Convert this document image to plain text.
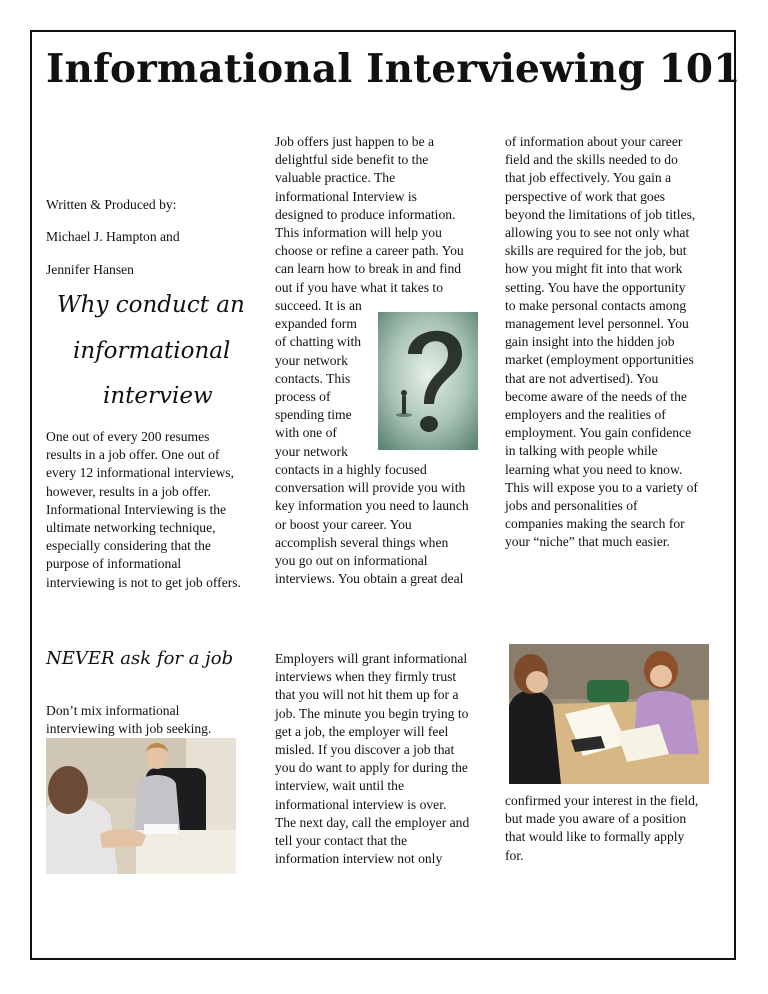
Informational Interviewing 101

Written & Produced by:

Michael J. Hampton and

Jennifer Hansen

Why conduct an

informational

interview

One out of every 200 resumes
results in a job offer. One out of
every 12 informational interviews,
however, results in a job offer.
Informational Interviewing is the
ultimate networking technique,
especially considering that the
purpose of informational
interviewing is not to get job offers.
Job offers just happen to be a
delightful side benefit to the
valuable practice. The
informational Interview is
designed to produce information.
This information will help you
choose or refine a career path. You
can learn how to break in and find
out if you have what it takes to
succeed. It is an
expanded form
of chatting with
your network
contacts. This
process of
spending time
with one of
your network
contacts in a highly focused
conversation will provide you with
key information you need to launch
or boost your career. You
accomplish several things when
you go out on informational
interviews. You obtain a great deal
of information about your career
field and the skills needed to do
that job effectively. You gain a
perspective of work that goes
beyond the limitations of job titles,
allowing you to see not only what
skills are required for the job, but
how you might fit into that work
setting. You have the opportunity
to make personal contacts among
management level personnel. You
gain insight into the hidden job
market (employment opportunities
that are not advertised). You
become aware of the needs of the
employers and the realities of
employment. You gain confidence
in talking with people while
learning what you need to know.
This will expose you to a variety of
jobs and personalities of
companies making the search for
your “niche” that much easier.

NEVER ask for a job

Don’t mix informational
interviewing with job seeking.
Employers will grant informational
interviews when they firmly trust
that you will not hit them up for a
job. The minute you begin trying to
get a job, the employer will feel
misled. If you discover a job that
you do want to apply for during the
interview, wait until the
informational interview is over.
The next day, call the employer and
tell your contact that the
information interview not only
confirmed your interest in the field,
but made you aware of a position
that would like to formally apply
for.
